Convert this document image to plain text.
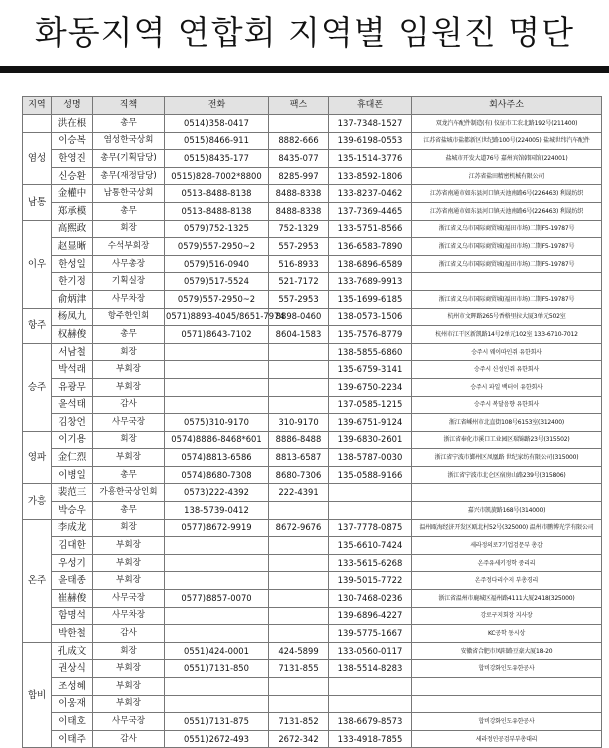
화동지역 연합회 지역별 임원진 명단
지역	성명	직책	전화	팩스	휴대폰	회사주소
	洪在根	총무	0514)358-0417		137-7348-1527	双龙汽车配件制造(有) 仪征市工农北路192号(211400)
염성	이승복	염성한국상회	0515)8466-911	8882-666	139-6198-0553	江苏省盐城市盐都新区世纪路100号(224005) 盐城世纬汽车配件
	한영진	총무(기획담당)	0515)8435-177	8435-077	135-1514-3776	盐城市开发大道76号 嘉州宾馆韩国馆(224001)
	신승환	총무(재정담당)	0515)828-7002*8800	8285-997	133-8592-1806	江苏省盐田精密机械有限公司
남통	金權中	남통한국상회	0513-8488-8138	8488-8338	133-8237-0462	江苏省南通市如东县河口镇天池南路6号(226463) 利晟纺织
	郑承模	총무	0513-8488-8138	8488-8338	137-7369-4465	江苏省南通市如东县河口镇天池南路6号(226463) 利晟纺织
이우	高熙政	회장	0579)752-1325	752-1329	133-5751-8566	浙江省义乌市国际商贸城(福田市场)二期F5-19787号
	赵显晰	수석부회장	0579)557-2950~2	557-2953	136-6583-7890	浙江省义乌市国际商贸城(福田市场)二期F5-19787号
	한성일	사무총장	0579)516-0940	516-8933	138-6896-6589	浙江省义乌市国际商贸城(福田市场)二期F5-19787号
	한기정	기획실장	0579)517-5524	521-7172	133-7689-9913	
	俞炳津	사무차장	0579)557-2950~2	557-2953	135-1699-6185	浙江省义乌市国际商贸城(福田市场)二期F5-19787号
항주	杨凤九	항주한인회	0571)8893-4045/8651-7974	8898-0460	138-0573-1506	杭州市文晖路265号香格里拉大厦3单元502室
	权赫俊	총무	0571)8643-7102	8604-1583	135-7576-8779	杭州市江干区新凯路14号2单元102室 133-6710-7012
승주	서남철	회장			138-5855-6860	승주시 웨이따인쥐 유한회사
	박석래	부회장			135-6759-3141	승주시 신성인쥐 유한회사
	유광무	부회장			139-6750-2234	승주시 파일 백터이 유한회사
	윤석태	감사			137-0585-1215	승주시 복달음향 유한회사
	김창언	사무국장	0575)310-9170	310-9170	139-6751-9124	浙江省嵊州市北直街108号6153室(312400)
영파	이기용	회장	0574)8886-8468*601	8886-8488	139-6830-2601	浙江省奉化市溪口工业园区瑞锦路23号(315502)
	金仁烈	부회장	0574)8813-6586	8813-6587	138-5787-0030	浙江省宁波市鄞州区凤凰路 世纪家纺有限公司(315000)
	이병일	총무	0574)8680-7308	8680-7306	135-0588-9166	浙江省宁波市北仑区宿房山路239号(315806)
가흥	裴范三	가흥한국상인회	0573)222-4392	222-4391		
	박승우	총무	138-5739-0412			嘉兴市凯旋路168号(314000)
온주	李成龙	회장	0577)8672-9919	8672-9676	137-7778-0875	温州瓯海经济开发区瓯北村52号(325000) 温州市鹏博光学有限公司
	김대한	부회장			135-6610-7424	세라정의로7기업검문부 총감
	우성기	부회장			133-5615-6268	온주유세키정학 중리리
	윤태종	부회장			139-5015-7722	온주정다리수지 부총경리
	崔赫俊	사무국장	0577)8857-0070		130-7468-0236	浙江省温州市鹿城区福州路4111大厦2418(325000)
	함명석	사무차장			139-6896-4227	강로구지회장 지사장
	박한철	감사			139-5775-1667	KC공학 동시상
합비	孔成文	회장	0551)424-0001	424-5899	133-0560-0117	安徽省合肥市凤阳路豆豪大厦18-20
	권상식	부회장	0551)7131-850	7131-855	138-5514-8283	합비강화인도유한공사
	조성혜	부회장				
	이웅재	부회장				
	이태호	사무국장	0551)7131-875	7131-852	138-6679-8573	합비강화인도유한공사
	이태주	감사	0551)2672-493	2672-342	133-4918-7855	세라정인공검부부총대리
